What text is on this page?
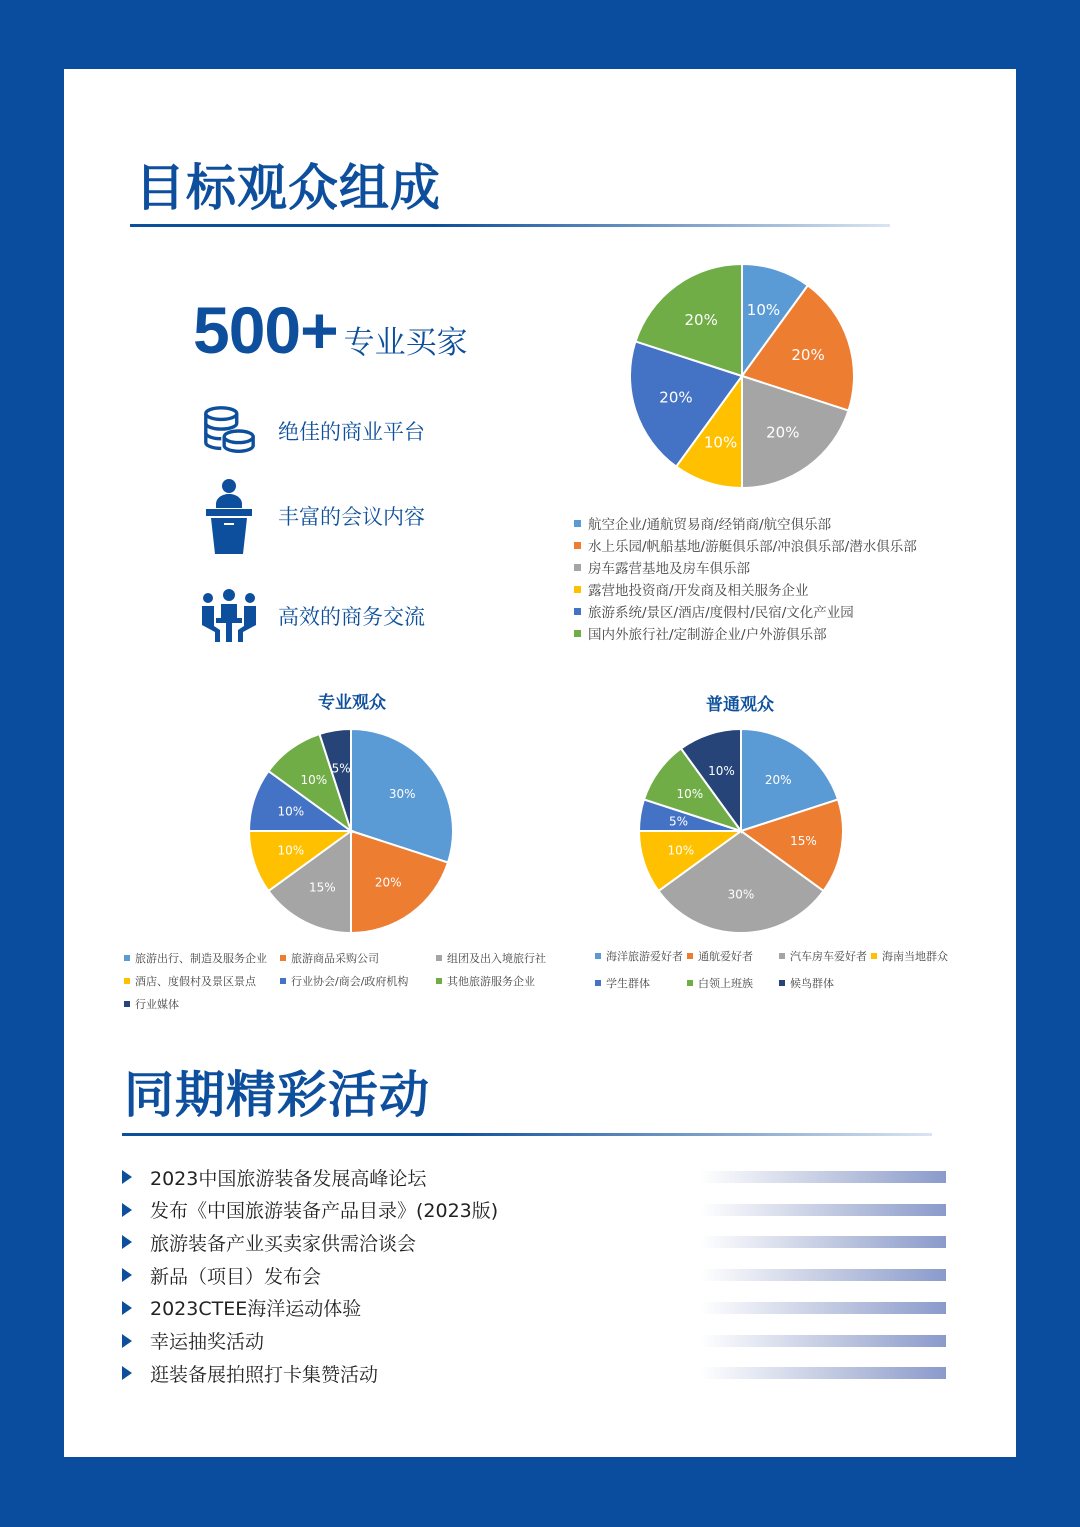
目标观众组成
500+ 专业买家
绝佳的商业平台
丰富的会议内容
高效的商务交流
10%
20%
20%
10%
20%
20%
航空企业/通航贸易商/经销商/航空俱乐部
水上乐园/帆船基地/游艇俱乐部/冲浪俱乐部/潜水俱乐部
房车露营基地及房车俱乐部
露营地投资商/开发商及相关服务企业
旅游系统/景区/酒店/度假村/民宿/文化产业园
国内外旅行社/定制游企业/户外游俱乐部
专业观众	普通观众
30%
20%
15%
10%
10%
10%
5%
20%
15%
30%
10%
5%
10%
10%
旅游出行、制造及服务企业 旅游商品采购公司	组团及出入境旅行社
酒店、度假村及景区景点	行业协会/商会/政府机构	其他旅游服务企业
行业媒体
海洋旅游爱好者 通航爱好者	汽车房车爱好者 海南当地群众
学生群体	白领上班族	候鸟群体
同期精彩活动
2023中国旅游装备发展高峰论坛
发布《中国旅游装备产品目录》(2023版)
旅游装备产业买卖家供需洽谈会
新品（项目）发布会
2023CTEE海洋运动体验
幸运抽奖活动
逛装备展拍照打卡集赞活动
